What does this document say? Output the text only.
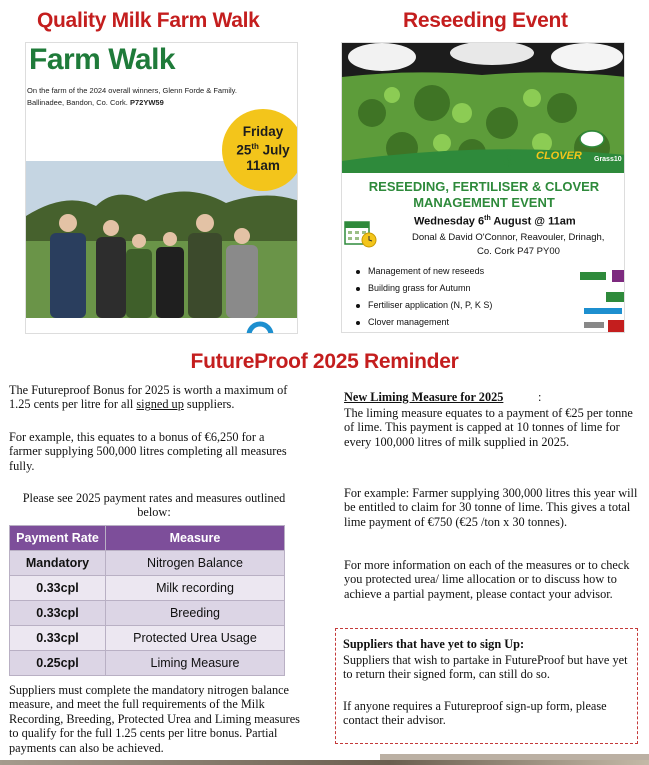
Quality Milk Farm Walk	Reseeding Event
Farm Walk
On the farm of the 2024 overall winners, Glenn Forde & Family.
Ballinadee, Bandon, Co. Cork. P72YW59
Friday
25th July
11am
CLOVER Grass10
☘
RESEEDING, FERTILISER & CLOVER
MANAGEMENT EVENT
Wednesday 6th August @ 11am
Donal & David O'Connor, Reavouler, Drinagh,
Co. Cork P47 PY00
Management of new reseeds
Building grass for Autumn
Fertiliser application (N, P, K S)
Clover management
FutureProof 2025 Reminder
The Futureproof Bonus for 2025 is worth a maximum of 1.25 cents per litre for all signed up suppliers.
For example, this equates to a bonus of €6,250 for a farmer supplying 500,000 litres completing all measures fully.
Please see 2025 payment rates and measures outlined below:
Payment Rate	Measure
Mandatory	Nitrogen Balance
0.33cpl	Milk recording
0.33cpl	Breeding
0.33cpl	Protected Urea Usage
0.25cpl	Liming Measure
Suppliers must complete the mandatory nitrogen balance measure, and meet the full requirements of the Milk Recording, Breeding, Protected Urea and Liming measures to qualify for the full 1.25 cents per litre bonus. Partial payments can also be achieved.
New Liming Measure for 2025	:
The liming measure equates to a payment of €25 per tonne of lime. This payment is capped at 10 tonnes of lime for every 100,000 litres of milk supplied in 2025.
For example: Farmer supplying 300,000 litres this year will be entitled to claim for 30 tonne of lime. This gives a total lime payment of €750 (€25 /ton x 30 tonnes).
For more information on each of the measures or to check you protected urea/ lime allocation or to discuss how to achieve a partial payment, please contact your advisor.
Suppliers that have yet to sign Up:
Suppliers that wish to partake in FutureProof but have yet to return their signed form, can still do so.
If anyone requires a Futureproof sign-up form, please contact their advisor.
